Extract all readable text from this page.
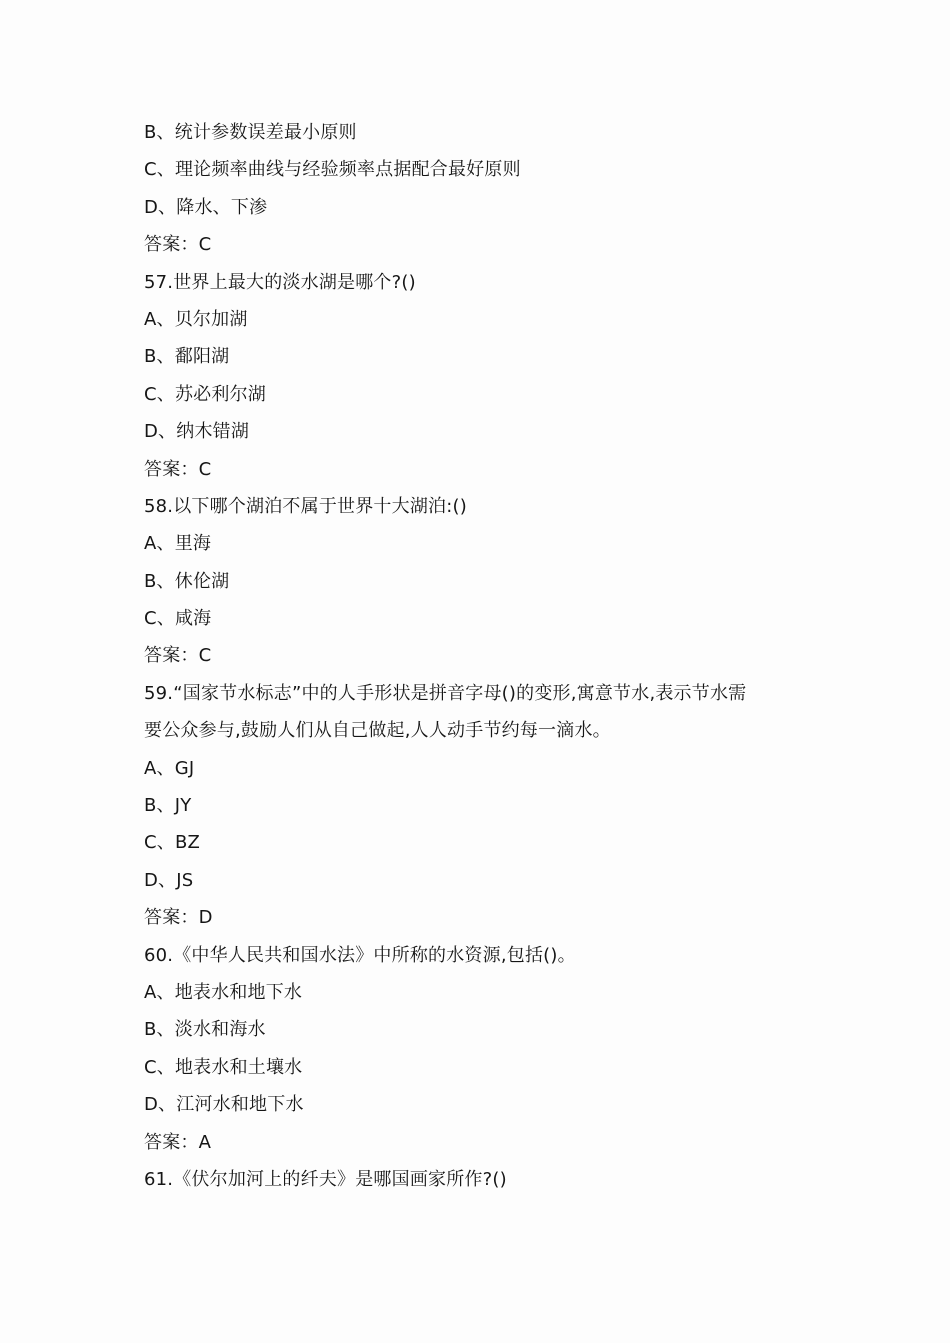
B、统计参数误差最小原则
C、理论频率曲线与经验频率点据配合最好原则
D、降水、下渗
答案：C
57.世界上最大的淡水湖是哪个?()
A、贝尔加湖
B、鄱阳湖
C、苏必利尔湖
D、纳木错湖
答案：C
58.以下哪个湖泊不属于世界十大湖泊:()
A、里海
B、休伦湖
C、咸海
答案：C
59.“国家节水标志”中的人手形状是拼音字母()的变形,寓意节水,表示节水需
要公众参与,鼓励人们从自己做起,人人动手节约每一滴水。
A、GJ
B、JY
C、BZ
D、JS
答案：D
60.《中华人民共和国水法》中所称的水资源,包括()。
A、地表水和地下水
B、淡水和海水
C、地表水和土壤水
D、江河水和地下水
答案：A
61.《伏尔加河上的纤夫》是哪国画家所作?()
